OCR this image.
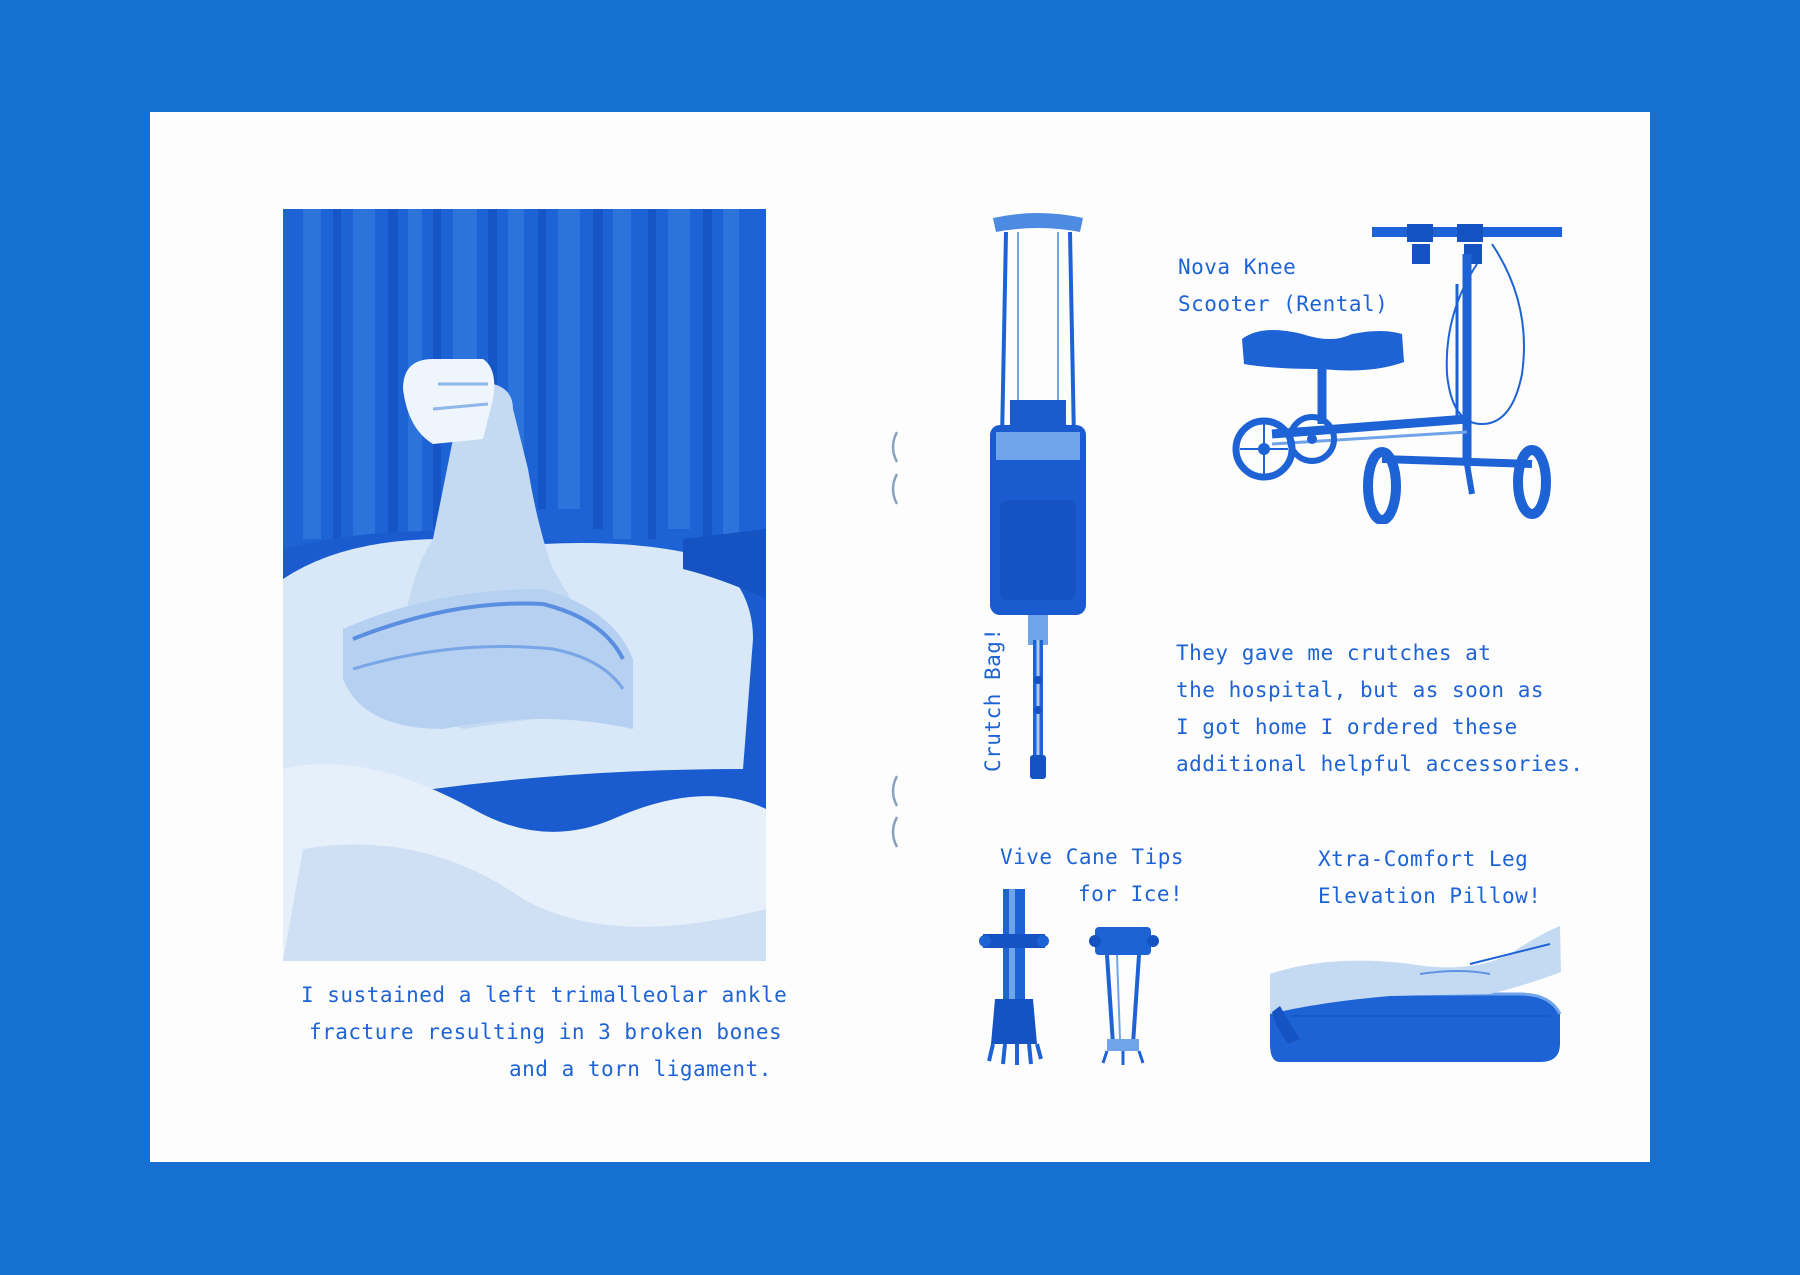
I sustained a left trimalleolar ankle
fracture resulting in 3 broken bones
and a torn ligament.
Crutch Bag!
Nova Knee
Scooter (Rental)
They gave me crutches at
the hospital, but as soon as
I got home I ordered these
additional helpful accessories.
Vive Cane Tips
for Ice!
Xtra-Comfort Leg
Elevation Pillow!
